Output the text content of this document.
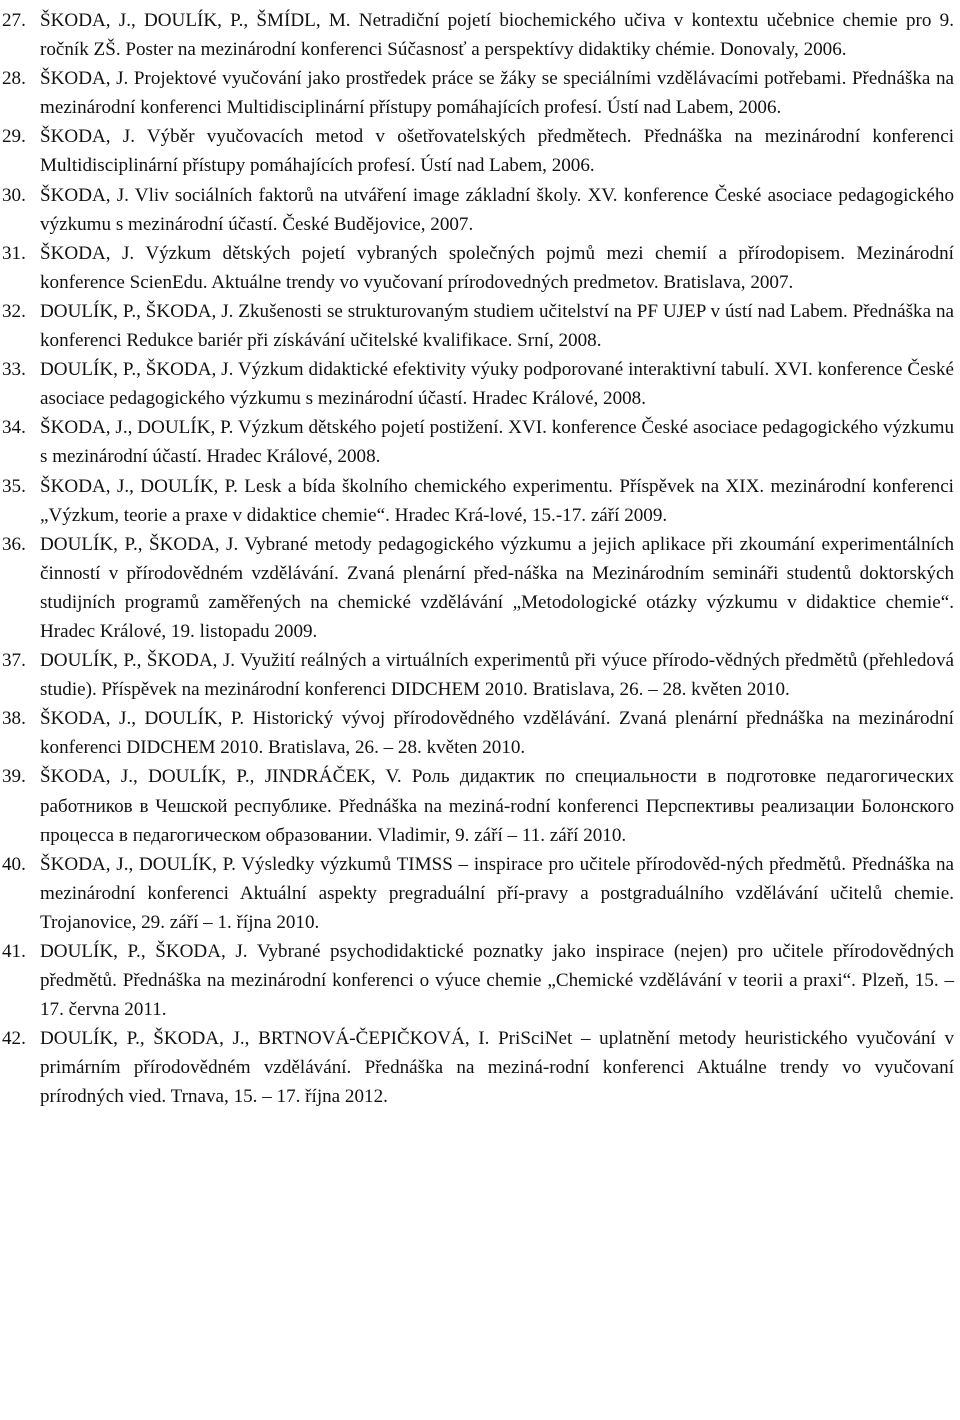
27. ŠKODA, J., DOULÍK, P., ŠMÍDL, M. Netradiční pojetí biochemického učiva v kontextu učebnice chemie pro 9. ročník ZŠ. Poster na mezinárodní konferenci Súčasnosť a perspektívy didaktiky chémie. Donovaly, 2006.
28. ŠKODA, J. Projektové vyučování jako prostředek práce se žáky se speciálními vzdělávacími potřebami. Přednáška na mezinárodní konferenci Multidisciplinární přístupy pomáhajících profesí. Ústí nad Labem, 2006.
29. ŠKODA, J. Výběr vyučovacích metod v ošetřovatelských předmětech. Přednáška na mezinárodní konferenci Multidisciplinární přístupy pomáhajících profesí. Ústí nad Labem, 2006.
30. ŠKODA, J. Vliv sociálních faktorů na utváření image základní školy. XV. konference České asociace pedagogického výzkumu s mezinárodní účastí. České Budějovice, 2007.
31. ŠKODA, J. Výzkum dětských pojetí vybraných společných pojmů mezi chemií a přírodopisem. Mezinárodní konference ScienEdu. Aktuálne trendy vo vyučovaní prírodovedných predmetov. Bratislava, 2007.
32. DOULÍK, P., ŠKODA, J. Zkušenosti se strukturovaným studiem učitelství na PF UJEP v ústí nad Labem. Přednáška na konferenci Redukce bariér při získávání učitelské kvalifikace. Srní, 2008.
33. DOULÍK, P., ŠKODA, J. Výzkum didaktické efektivity výuky podporované interaktivní tabulí. XVI. konference České asociace pedagogického výzkumu s mezinárodní účastí. Hradec Králové, 2008.
34. ŠKODA, J., DOULÍK, P. Výzkum dětského pojetí postižení. XVI. konference České asociace pedagogického výzkumu s mezinárodní účastí. Hradec Králové, 2008.
35. ŠKODA, J., DOULÍK, P. Lesk a bída školního chemického experimentu. Příspěvek na XIX. mezinárodní konferenci „Výzkum, teorie a praxe v didaktice chemie“. Hradec Krá-lové, 15.-17. září 2009.
36. DOULÍK, P., ŠKODA, J. Vybrané metody pedagogického výzkumu a jejich aplikace při zkoumání experimentálních činností v přírodovědném vzdělávání. Zvaná plenární před-náška na Mezinárodním semináři studentů doktorských studijních programů zaměřených na chemické vzdělávání „Metodologické otázky výzkumu v didaktice chemie“. Hradec Králové, 19. listopadu 2009.
37. DOULÍK, P., ŠKODA, J. Využití reálných a virtuálních experimentů při výuce přírodo-vědných předmětů (přehledová studie). Příspěvek na mezinárodní konferenci DIDCHEM 2010. Bratislava, 26. – 28. květen 2010.
38. ŠKODA, J., DOULÍK, P. Historický vývoj přírodovědného vzdělávání. Zvaná plenární přednáška na mezinárodní konferenci DIDCHEM 2010. Bratislava, 26. – 28. květen 2010.
39. ŠKODA, J., DOULÍK, P., JINDRÁČEK, V. Роль дидактик по специальности в подготовке педагогических работников в Чешской республике. Přednáška na meziná-rodní konferenci Перспективы реализации Болонского процесса в педагогическом образовании. Vladimir, 9. září – 11. září 2010.
40. ŠKODA, J., DOULÍK, P. Výsledky výzkumů TIMSS – inspirace pro učitele přírodověd-ných předmětů. Přednáška na mezinárodní konferenci Aktuální aspekty pregraduální pří-pravy a postgraduálního vzdělávání učitelů chemie. Trojanovice, 29. září – 1. října 2010.
41. DOULÍK, P., ŠKODA, J. Vybrané psychodidaktické poznatky jako inspirace (nejen) pro učitele přírodovědných předmětů. Přednáška na mezinárodní konferenci o výuce chemie „Chemické vzdělávání v teorii a praxi“. Plzeň, 15. – 17. června 2011.
42. DOULÍK, P., ŠKODA, J., BRTNOVÁ-ČEPIČKOVÁ, I. PriSciNet – uplatnění metody heuristického vyučování v primárním přírodovědném vzdělávání. Přednáška na meziná-rodní konferenci Aktuálne trendy vo vyučovaní prírodných vied. Trnava, 15. – 17. října 2012.
